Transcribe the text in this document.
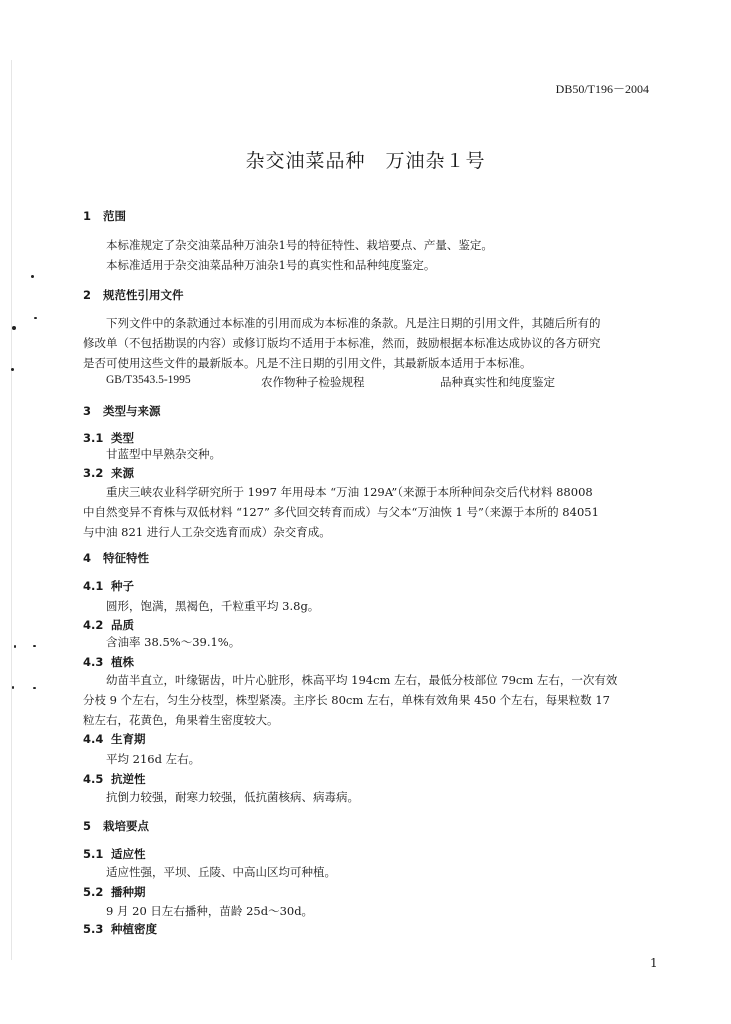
DB50/T196－2004
杂交油菜品种　万油杂１号
1 范围
本标准规定了杂交油菜品种万油杂1号的特征特性、栽培要点、产量、鉴定。
本标准适用于杂交油菜品种万油杂1号的真实性和品种纯度鉴定。
2 规范性引用文件
下列文件中的条款通过本标准的引用而成为本标准的条款。凡是注日期的引用文件，其随后所有的
修改单（不包括勘误的内容）或修订版均不适用于本标准，然而，鼓励根据本标准达成协议的各方研究
是否可使用这些文件的最新版本。凡是不注日期的引用文件，其最新版本适用于本标准。
GB/T3543.5-1995	农作物种子检验规程	品种真实性和纯度鉴定
3 类型与来源
3.1 类型
甘蓝型中早熟杂交种。
3.2 来源
重庆三峡农业科学研究所于 1997 年用母本 “万油 129A”（来源于本所种间杂交后代材料 88008
中自然变异不育株与双低材料 “127” 多代回交转育而成）与父本“万油恢 1 号”（来源于本所的 84051
与中油 821 进行人工杂交选育而成）杂交育成。
4 特征特性
4.1 种子
圆形，饱满，黑褐色，千粒重平均 3.8g。
4.2 品质
含油率 38.5%～39.1%。
4.3 植株
幼苗半直立，叶缘锯齿，叶片心脏形，株高平均 194cm 左右，最低分枝部位 79cm 左右，一次有效
分枝 9 个左右，匀生分枝型，株型紧凑。主序长 80cm 左右，单株有效角果 450 个左右，每果粒数 17
粒左右，花黄色，角果着生密度较大。
4.4 生育期
平均 216d 左右。
4.5 抗逆性
抗倒力较强，耐寒力较强，低抗菌核病、病毒病。
5 栽培要点
5.1 适应性
适应性强，平坝、丘陵、中高山区均可种植。
5.2 播种期
9 月 20 日左右播种，苗龄 25d～30d。
5.3 种植密度
1
